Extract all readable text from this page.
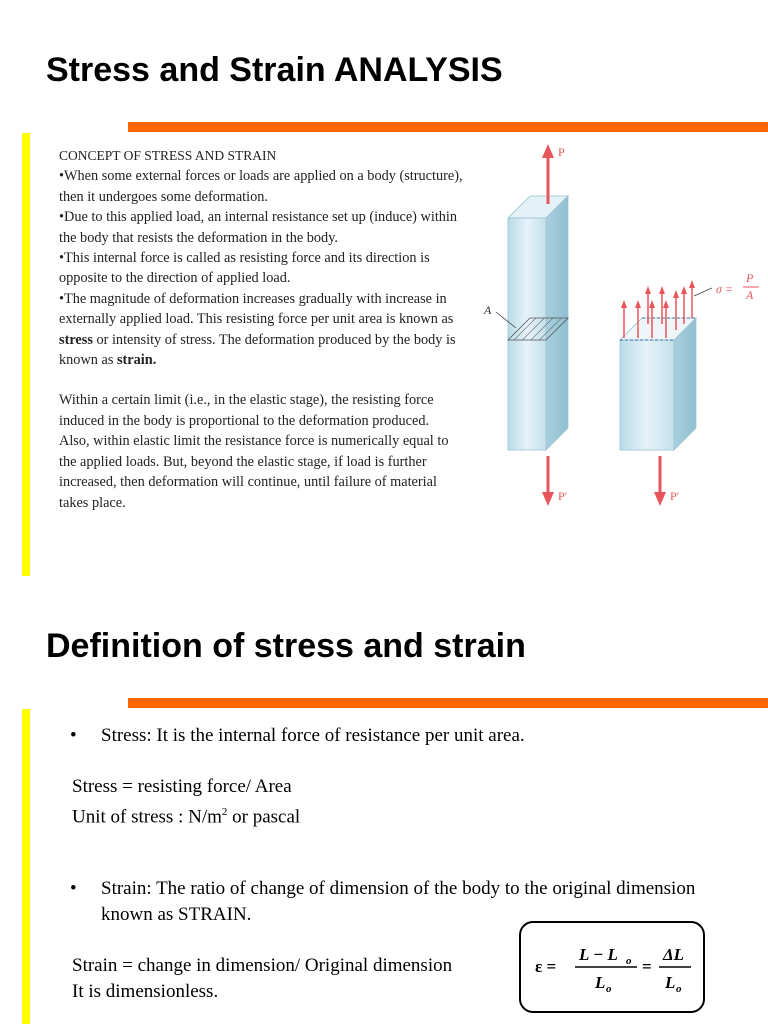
Stress and Strain ANALYSIS

CONCEPT OF STRESS AND STRAIN

•When some external forces or loads are applied on a body (structure), then it undergoes some deformation.

•Due to this applied load, an internal resistance set up (induce) within the body that resists the deformation in the body.

•This internal force is called as resisting force and its direction is opposite to the direction of applied load.

•The magnitude of deformation increases gradually with increase in externally applied load. This resisting force per unit area is known as stress or intensity of stress. The deformation produced by the body is known as strain.

Within a certain limit (i.e., in the elastic stage), the resisting force induced in the body is proportional to the deformation produced.

Also, within elastic limit the resistance force is numerically equal to the applied loads. But, beyond the elastic stage, if load is further increased, then deformation will continue, until failure of material takes place.

A
P
P′
σ =
P
A
P′
Definition of stress and strain
• Stress: It is the internal force of resistance per unit area.
Stress = resisting force/ Area
Unit of stress : $N/m^2$ or pascal
• Strain: The ratio of change of dimension of the body to the original dimension known as STRAIN.
Strain = change in dimension/ Original dimension
It is dimensionless.
ε =
L − L o
L o
=
ΔL
L o
